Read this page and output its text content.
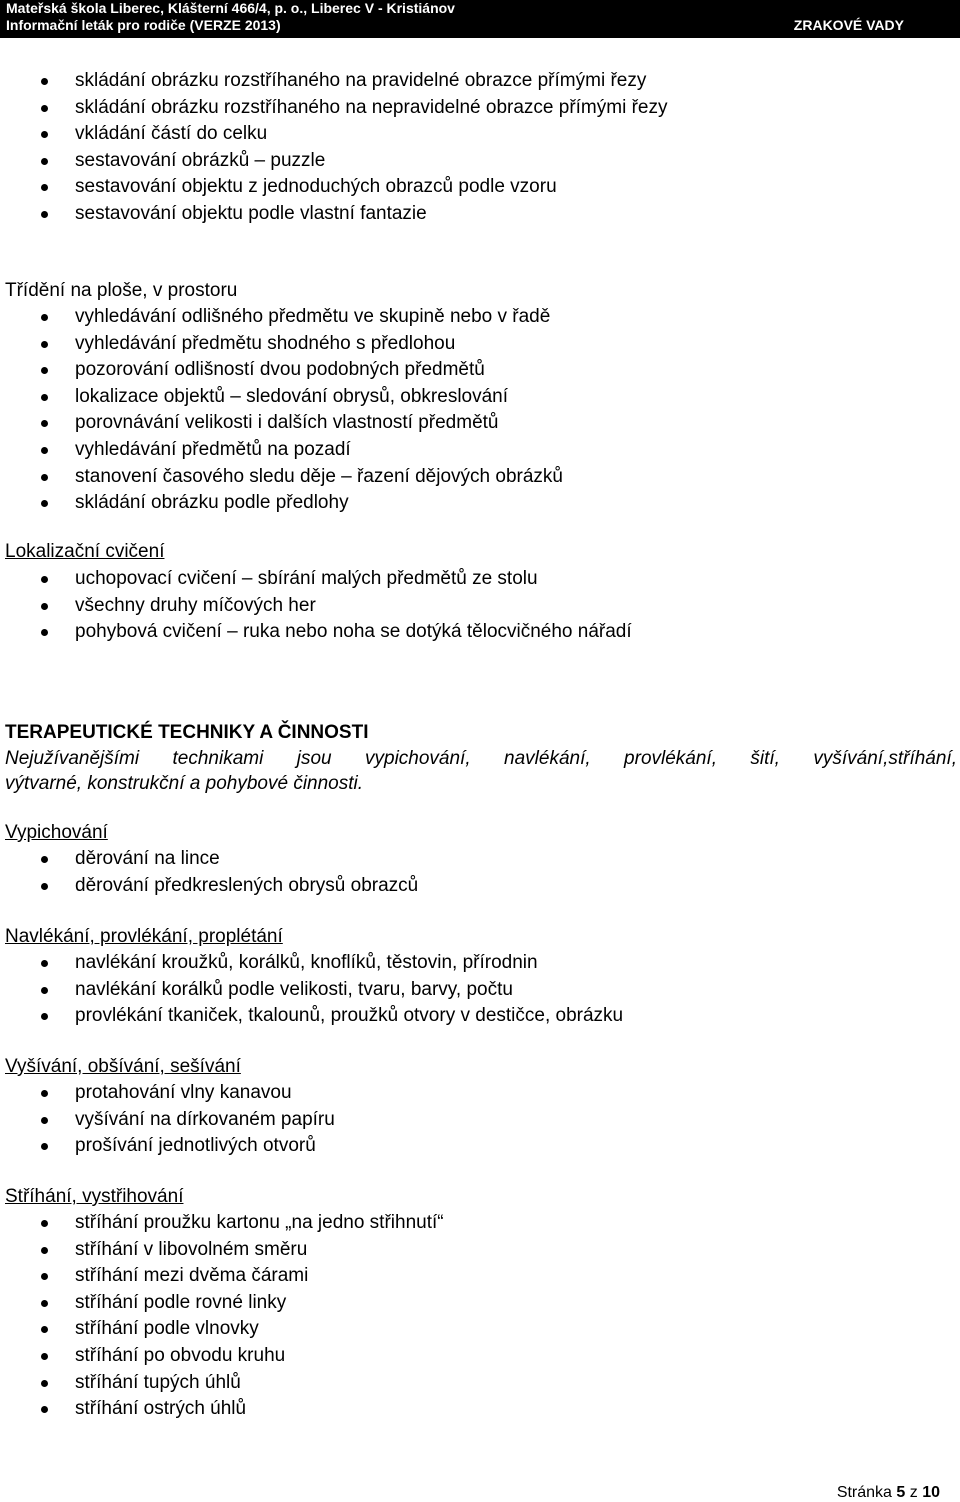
Mateřská škola Liberec, Klášterní 466/4, p. o., Liberec V - Kristiánov
Informační leták pro rodiče (VERZE 2013)	ZRAKOVÉ VADY
skládání obrázku rozstříhaného na pravidelné obrazce přímými řezy
skládání obrázku rozstříhaného na nepravidelné obrazce přímými řezy
vkládání částí do celku
sestavování obrázků – puzzle
sestavování objektu z jednoduchých obrazců podle vzoru
sestavování objektu podle vlastní fantazie
Třídění na ploše, v prostoru
vyhledávání odlišného předmětu ve skupině nebo v řadě
vyhledávání předmětu shodného s předlohou
pozorování odlišností dvou podobných předmětů
lokalizace objektů – sledování obrysů, obkreslování
porovnávání velikosti i dalších vlastností předmětů
vyhledávání předmětů na pozadí
stanovení časového sledu děje – řazení dějových obrázků
skládání obrázku podle předlohy
Lokalizační cvičení
uchopovací cvičení – sbírání malých předmětů ze stolu
všechny druhy míčových her
pohybová cvičení – ruka nebo noha se dotýká tělocvičného nářadí
TERAPEUTICKÉ TECHNIKY A ČINNOSTI
Nejužívanějšími technikami jsou vypichování, navlékání, provlékání, šití, vyšívání,stříhání,
výtvarné, konstrukční a pohybové činnosti.
Vypichování
děrování na lince
děrování předkreslených obrysů obrazců
Navlékání, provlékání, proplétání
navlékání kroužků, korálků, knoflíků, těstovin, přírodnin
navlékání korálků podle velikosti, tvaru, barvy, počtu
provlékání tkaniček, tkalounů, proužků otvory v destičce, obrázku
Vyšívání, obšívání, sešívání
protahování vlny kanavou
vyšívání na dírkovaném papíru
prošívání jednotlivých otvorů
Stříhání, vystřihování
stříhání proužku kartonu „na jedno střihnutí“
stříhání v libovolném směru
stříhání mezi dvěma čárami
stříhání podle rovné linky
stříhání podle vlnovky
stříhání po obvodu kruhu
stříhání tupých úhlů
stříhání ostrých úhlů
Stránka 5 z 10
